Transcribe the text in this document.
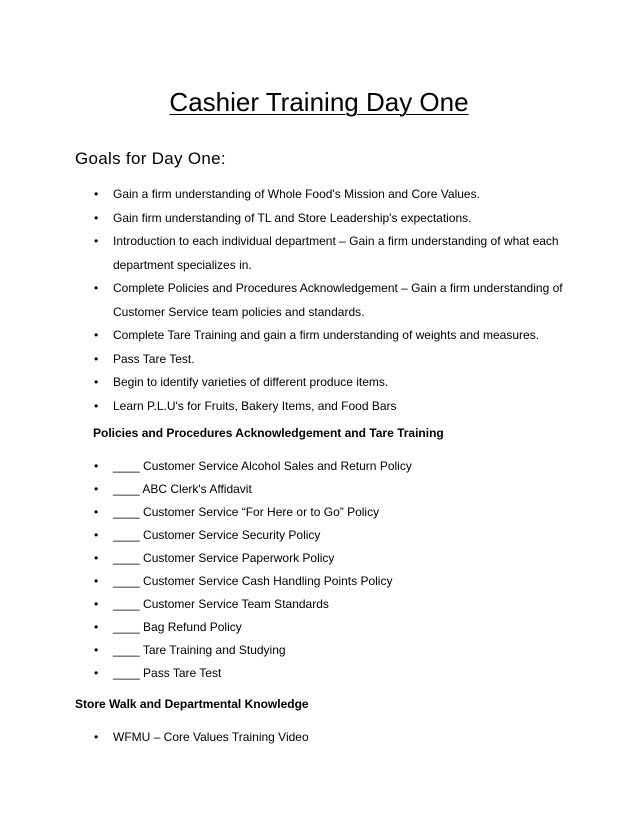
Cashier Training Day One
Goals for Day One:
• Gain a firm understanding of Whole Food's Mission and Core Values.
• Gain firm understanding of TL and Store Leadership's expectations.
• Introduction to each individual department – Gain a firm understanding of what each department specializes in.
• Complete Policies and Procedures Acknowledgement – Gain a firm understanding of Customer Service team policies and standards.
• Complete Tare Training and gain a firm understanding of weights and measures.
• Pass Tare Test.
• Begin to identify varieties of different produce items.
• Learn P.L.U's for Fruits, Bakery Items, and Food Bars
Policies and Procedures Acknowledgement and Tare Training
• ____ Customer Service Alcohol Sales and Return Policy
• ____ ABC Clerk's Affidavit
• ____ Customer Service “For Here or to Go” Policy
• ____ Customer Service Security Policy
• ____ Customer Service Paperwork Policy
• ____ Customer Service Cash Handling Points Policy
• ____ Customer Service Team Standards
• ____ Bag Refund Policy
• ____ Tare Training and Studying
• ____ Pass Tare Test
Store Walk and Departmental Knowledge
• WFMU – Core Values Training Video
